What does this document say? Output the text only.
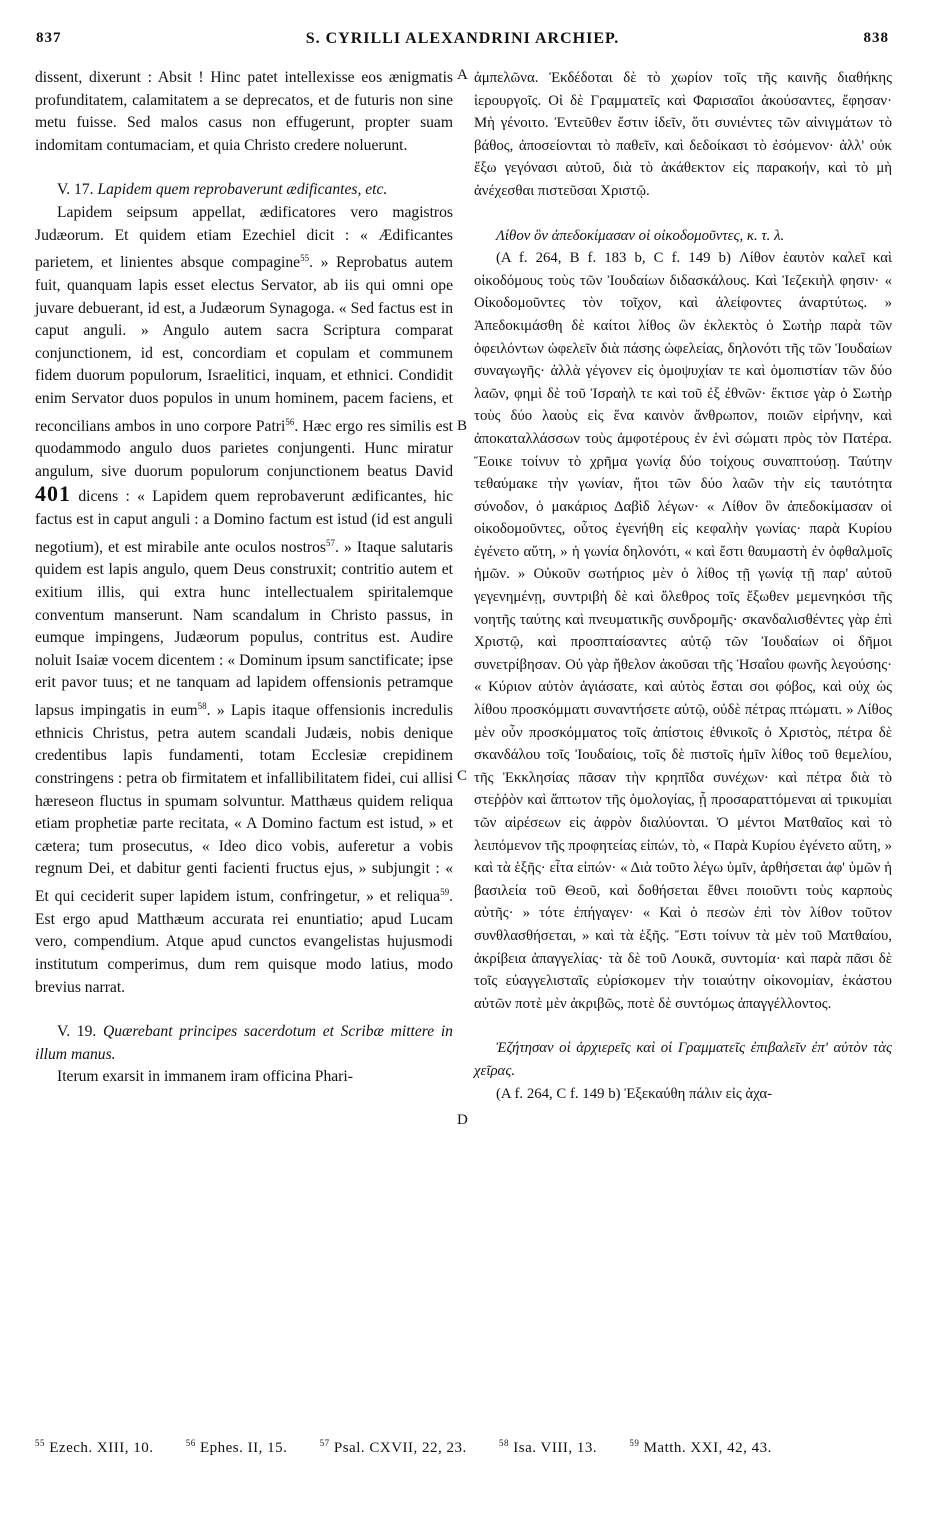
837	S. CYRILLI ALEXANDRINI ARCHIEP.	838
A
B
C
D

dissent, dixerunt : Absit ! Hinc patet intellexisse eos ænigmatis profunditatem, calamitatem a se deprecatos, et de futuris non sine metu fuisse. Sed malos casus non effugerunt, propter suam indomitam contumaciam, et quia Christo credere noluerunt.

V. 17. Lapidem quem reprobaverunt ædificantes, etc.

Lapidem seipsum appellat, ædificatores vero magistros Judæorum. Et quidem etiam Ezechiel dicit : « Ædificantes parietem, et linientes absque compagine$^{55}$. » Reprobatus autem fuit, quanquam lapis esset electus Servator, ab iis qui omni ope juvare debuerant, id est, a Judæorum Synagoga. « Sed factus est in caput anguli. » Angulo autem sacra Scriptura comparat conjunctionem, id est, concordiam et copulam et communem fidem duorum populorum, Israelitici, inquam, et ethnici. Condidit enim Servator duos populos in unum hominem, pacem faciens, et reconcilians ambos in uno corpore Patri$^{56}$. Hæc ergo res similis est quodammodo angulo duos parietes conjungenti. Hunc miratur angulum, sive duorum populorum conjunctionem beatus David 401 dicens : « Lapidem quem reprobaverunt ædificantes, hic factus est in caput anguli : a Domino factum est istud (id est anguli negotium), et est mirabile ante oculos nostros$^{57}$. » Itaque salutaris quidem est lapis angulo, quem Deus construxit; contritio autem et exitium illis, qui extra hunc intellectualem spiritalemque conventum manserunt. Nam scandalum in Christo passus, in eumque impingens, Judæorum populus, contritus est. Audire noluit Isaiæ vocem dicentem : « Dominum ipsum sanctificate; ipse erit pavor tuus; et ne tanquam ad lapidem offensionis petramque lapsus impingatis in eum$^{58}$. » Lapis itaque offensionis incredulis ethnicis Christus, petra autem scandali Judæis, nobis denique credentibus lapis fundamenti, totam Ecclesiæ crepidinem constringens : petra ob firmitatem et infallibilitatem fidei, cui allisi hæreseon fluctus in spumam solvuntur. Matthæus quidem reliqua etiam prophetiæ parte recitata, « A Domino factum est istud, » et cætera; tum prosecutus, « Ideo dico vobis, auferetur a vobis regnum Dei, et dabitur genti facienti fructus ejus, » subjungit : « Et qui ceciderit super lapidem istum, confringetur, » et reliqua$^{59}$. Est ergo apud Matthæum accurata rei enuntiatio; apud Lucam vero, compendium. Atque apud cunctos evangelistas hujusmodi institutum comperimus, dum rem quisque modo latius, modo brevius narrat.

V. 19. Quærebant principes sacerdotum et Scribæ mittere in illum manus.

Iterum exarsit in immanem iram officina Phari-

ἀμπελῶνα. Ἐκδέδοται δὲ τὸ χωρίον τοῖς τῆς καινῆς διαθήκης ἱερουργοῖς. Οἱ δὲ Γραμματεῖς καὶ Φαρισαῖοι ἀκούσαντες, ἔφησαν· Μὴ γένοιτο. Ἐντεῦθεν ἔστιν ἰδεῖν, ὅτι συνιέντες τῶν αἰνιγμάτων τὸ βάθος, ἀποσείονται τὸ παθεῖν, καὶ δεδοίκασι τὸ ἐσόμενον· ἀλλ' οὐκ ἔξω γεγόνασι αὐτοῦ, διὰ τὸ ἀκάθεκτον εἰς παρακοήν, καὶ τὸ μὴ ἀνέχεσθαι πιστεῦσαι Χριστῷ.

Λίθον ὃν ἀπεδοκίμασαν οἱ οἰκοδομοῦντες, κ. τ. λ.

(A f. 264, B f. 183 b, C f. 149 b) Λίθον ἑαυτὸν καλεῖ καὶ οἰκοδόμους τοὺς τῶν Ἰουδαίων διδασκάλους. Καὶ Ἰεζεκιὴλ φησιν· « Οἰκοδομοῦντες τὸν τοῖχον, καὶ ἀλείφοντες ἀναρτύτως. » Ἀπεδοκιμάσθη δὲ καίτοι λίθος ὢν ἐκλεκτὸς ὁ Σωτὴρ παρὰ τῶν ὀφειλόντων ὠφελεῖν διὰ πάσης ὠφελείας, δηλονότι τῆς τῶν Ἰουδαίων συναγωγῆς· ἀλλὰ γέγονεν εἰς ὁμοψυχίαν τε καὶ ὁμοπιστίαν τῶν δύο λαῶν, φημὶ δὲ τοῦ Ἰσραὴλ τε καὶ τοῦ ἐξ ἐθνῶν· ἔκτισε γὰρ ὁ Σωτὴρ τοὺς δύο λαοὺς εἰς ἕνα καινὸν ἄνθρωπον, ποιῶν εἰρήνην, καὶ ἀποκαταλλάσσων τοὺς ἀμφοτέρους ἐν ἑνὶ σώματι πρὸς τὸν Πατέρα. Ἔοικε τοίνυν τὸ χρῆμα γωνίᾳ δύο τοίχους συναπτούσῃ. Ταύτην τεθαύμακε τὴν γωνίαν, ἤτοι τῶν δύο λαῶν τὴν εἰς ταυτότητα σύνοδον, ὁ μακάριος Δαβὶδ λέγων· « Λίθον ὃν ἀπεδοκίμασαν οἱ οἰκοδομοῦντες, οὗτος ἐγενήθη εἰς κεφαλὴν γωνίας· παρὰ Κυρίου ἐγένετο αὕτη, » ἡ γωνία δηλονότι, « καὶ ἔστι θαυμαστὴ ἐν ὀφθαλμοῖς ἡμῶν. » Οὐκοῦν σωτήριος μὲν ὁ λίθος τῇ γωνίᾳ τῇ παρ' αὐτοῦ γεγενημένῃ, συντριβὴ δὲ καὶ ὄλεθρος τοῖς ἔξωθεν μεμενηκόσι τῆς νοητῆς ταύτης καὶ πνευματικῆς συνδρομῆς· σκανδαλισθέντες γὰρ ἐπὶ Χριστῷ, καὶ προσπταίσαντες αὐτῷ τῶν Ἰουδαίων οἱ δῆμοι συνετρίβησαν. Οὐ γὰρ ἤθελον ἀκοῦσαι τῆς Ἡσαΐου φωνῆς λεγούσης· « Κύριον αὐτὸν ἁγιάσατε, καὶ αὐτὸς ἔσται σοι φόβος, καὶ οὐχ ὡς λίθου προσκόμματι συναντήσετε αὐτῷ, οὐδὲ πέτρας πτώματι. » Λίθος μὲν οὖν προσκόμματος τοῖς ἀπίστοις ἐθνικοῖς ὁ Χριστὸς, πέτρα δὲ σκανδάλου τοῖς Ἰουδαίοις, τοῖς δὲ πιστοῖς ἡμῖν λίθος τοῦ θεμελίου, τῆς Ἐκκλησίας πᾶσαν τὴν κρηπῖδα συνέχων· καὶ πέτρα διὰ τὸ στεῤῥὸν καὶ ἄπτωτον τῆς ὁμολογίας, ᾗ προσαραττόμεναι αἱ τρικυμίαι τῶν αἱρέσεων εἰς ἀφρὸν διαλύονται. Ὁ μέντοι Ματθαῖος καὶ τὸ λειπόμενον τῆς προφητείας εἰπών, τὸ, « Παρὰ Κυρίου ἐγένετο αὕτη, » καὶ τὰ ἑξῆς· εἶτα εἰπών· « Διὰ τοῦτο λέγω ὑμῖν, ἀρθήσεται ἀφ' ὑμῶν ἡ βασιλεία τοῦ Θεοῦ, καὶ δοθήσεται ἔθνει ποιοῦντι τοὺς καρποὺς αὐτῆς· » τότε ἐπήγαγεν· « Καὶ ὁ πεσὼν ἐπὶ τὸν λίθον τοῦτον συνθλασθήσεται, » καὶ τὰ ἑξῆς. Ἔστι τοίνυν τὰ μὲν τοῦ Ματθαίου, ἀκρίβεια ἀπαγγελίας· τὰ δὲ τοῦ Λουκᾶ, συντομία· καὶ παρὰ πᾶσι δὲ τοῖς εὐαγγελισταῖς εὑρίσκομεν τὴν τοιαύτην οἰκονομίαν, ἑκάστου αὐτῶν ποτὲ μὲν ἀκριβῶς, ποτὲ δὲ συντόμως ἀπαγγέλλοντος.

Ἐζήτησαν οἱ ἀρχιερεῖς καὶ οἱ Γραμματεῖς ἐπιβαλεῖν ἐπ' αὐτὸν τὰς χεῖρας.

(A f. 264, C f. 149 b) Ἐξεκαύθη πάλιν εἰς ἀχα-

$^{55}$ Ezech. XIII, 10.	$^{56}$ Ephes. II, 15.	$^{57}$ Psal. CXVII, 22, 23.	$^{58}$ Isa. VIII, 13.	$^{59}$ Matth. XXI, 42, 43.
